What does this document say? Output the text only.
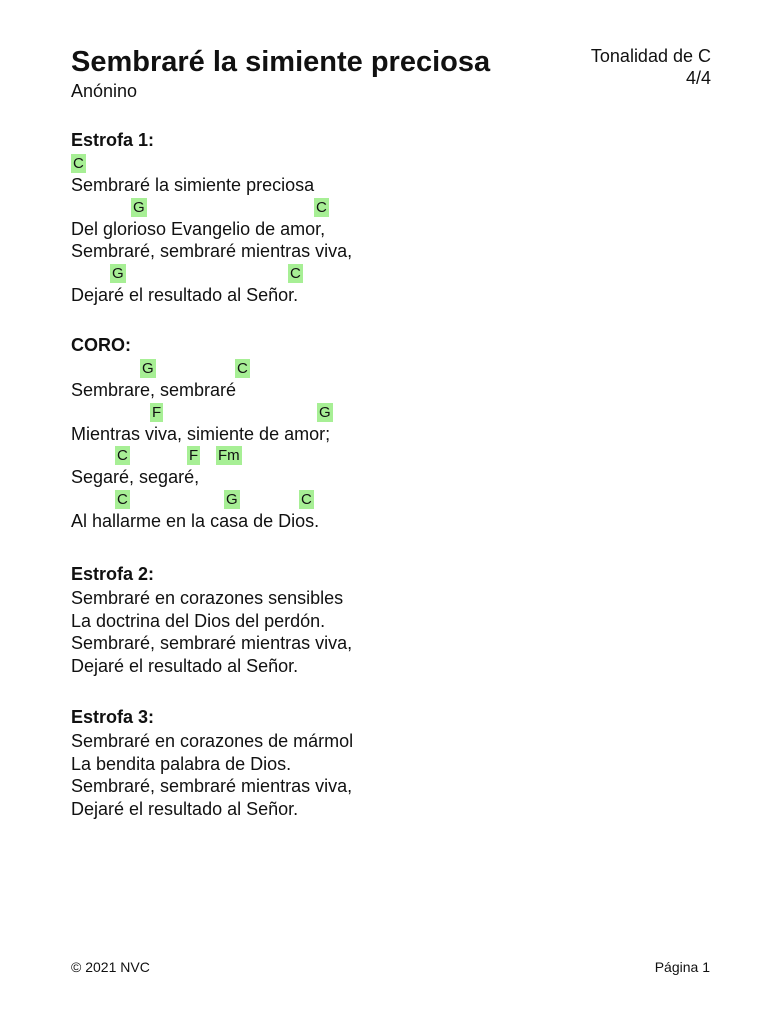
Sembraré la simiente preciosa
Anónino
Tonalidad de C
4/4
Estrofa 1:
C
Sembraré la simiente preciosa
G	C
Del glorioso Evangelio de amor,
Sembraré, sembraré mientras viva,
G	C
Dejaré el resultado al Señor.
CORO:
G	C
Sembrare, sembraré
F	G
Mientras viva, simiente de amor;
C	F Fm
Segaré, segaré,
C	G	C
Al hallarme en la casa de Dios.
Estrofa 2:
Sembraré en corazones sensibles
La doctrina del Dios del perdón.
Sembraré, sembraré mientras viva,
Dejaré el resultado al Señor.
Estrofa 3:
Sembraré en corazones de mármol
La bendita palabra de Dios.
Sembraré, sembraré mientras viva,
Dejaré el resultado al Señor.
© 2021 NVC	Página 1
